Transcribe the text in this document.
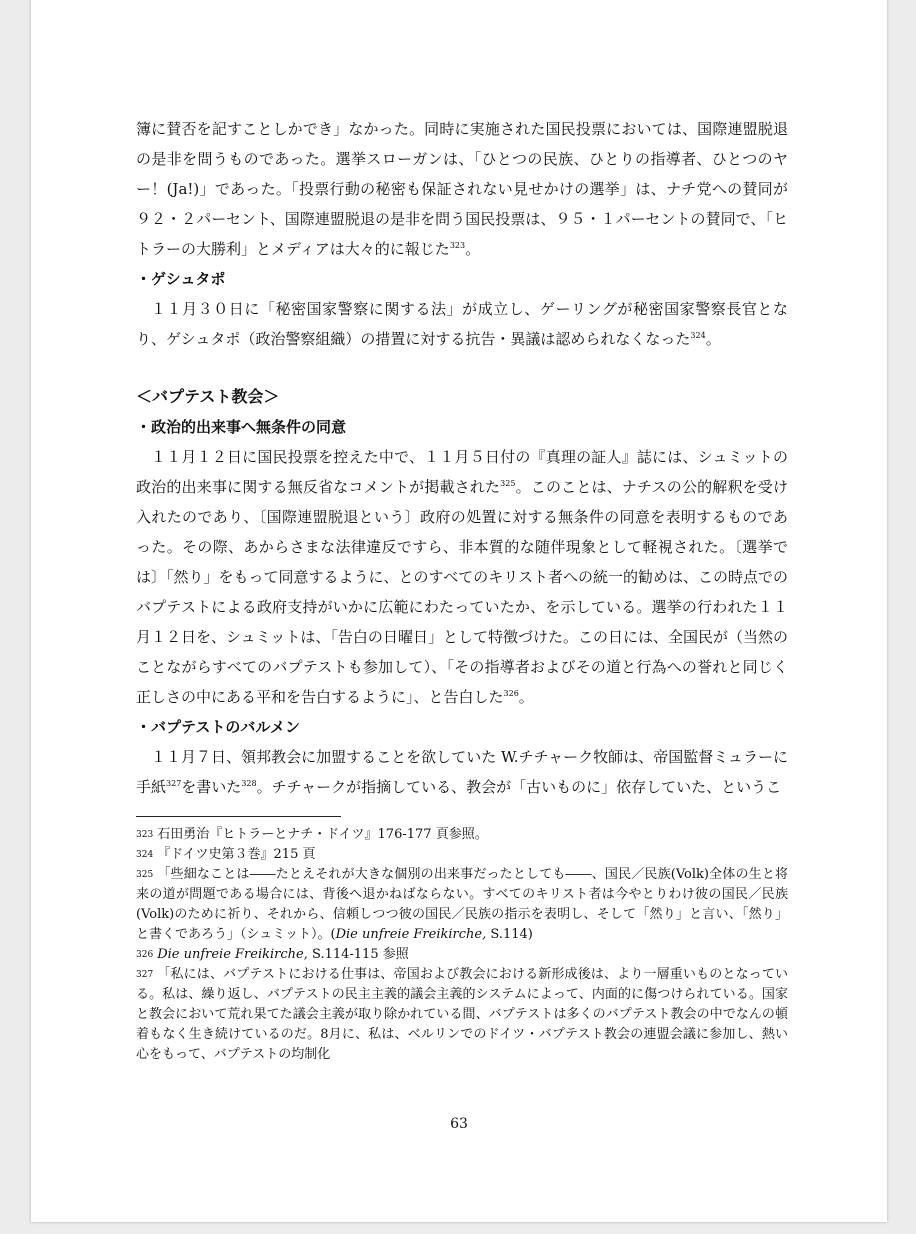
簿に賛否を記すことしかでき」なかった。同時に実施された国民投票においては、国際連盟脱退の是非を問うものであった。選挙スローガンは、「ひとつの民族、ひとりの指導者、ひとつのヤー！(Ja!)」であった。「投票行動の秘密も保証されない見せかけの選挙」は、ナチ党への賛同が９２・２パーセント、国際連盟脱退の是非を問う国民投票は、９５・１パーセントの賛同で、「ヒトラーの大勝利」とメディアは大々的に報じた$^{323}$。

・ゲシュタポ

１１月３０日に「秘密国家警察に関する法」が成立し、ゲーリングが秘密国家警察長官となり、ゲシュタポ（政治警察組織）の措置に対する抗告・異議は認められなくなった$^{324}$。

＜バプテスト教会＞
・政治的出来事へ無条件の同意

１１月１２日に国民投票を控えた中で、１１月５日付の『真理の証人』誌には、シュミットの政治的出来事に関する無反省なコメントが掲載された$^{325}$。このことは、ナチスの公的解釈を受け入れたのであり、〔国際連盟脱退という〕政府の処置に対する無条件の同意を表明するものであった。その際、あからさまな法律違反ですら、非本質的な随伴現象として軽視された。〔選挙では〕「然り」をもって同意するように、とのすべてのキリスト者への統一的勧めは、この時点でのバプテストによる政府支持がいかに広範にわたっていたか、を示している。選挙の行われた１１月１２日を、シュミットは、「告白の日曜日」として特徴づけた。この日には、全国民が（当然のことながらすべてのバプテストも参加して）、「その指導者およびその道と行為への誉れと同じく正しさの中にある平和を告白するように」、と告白した$^{326}$。

・バプテストのバルメン

１１月７日、領邦教会に加盟することを欲していた W.チチャーク牧師は、帝国監督ミュラーに手紙$^{327}$を書いた$^{328}$。チチャークが指摘している、教会が「古いものに」依存していた、というこ

323 石田勇治『ヒトラーとナチ・ドイツ』176-177 頁参照。

324 『ドイツ史第３巻』215 頁

325 「些細なことは――たとえそれが大きな個別の出来事だったとしても――、国民／民族(Volk)全体の生と将来の道が問題である場合には、背後へ退かねばならない。すべてのキリスト者は今やとりわけ彼の国民／民族(Volk)のために祈り、それから、信頼しつつ彼の国民／民族の指示を表明し、そして「然り」と言い、「然り」と書くであろう」（シュミット）。(Die unfreie Freikirche, S.114)

326 Die unfreie Freikirche, S.114-115 参照

327 「私には、バプテストにおける仕事は、帝国および教会における新形成後は、より一層重いものとなっている。私は、繰り返し、バプテストの民主主義的議会主義的システムによって、内面的に傷つけられている。国家と教会において荒れ果てた議会主義が取り除かれている間、バプテストは多くのバプテスト教会の中でなんの頓着もなく生き続けているのだ。8月に、私は、ベルリンでのドイツ・バプテスト教会の連盟会議に参加し、熱い心をもって、バプテストの均制化

63
